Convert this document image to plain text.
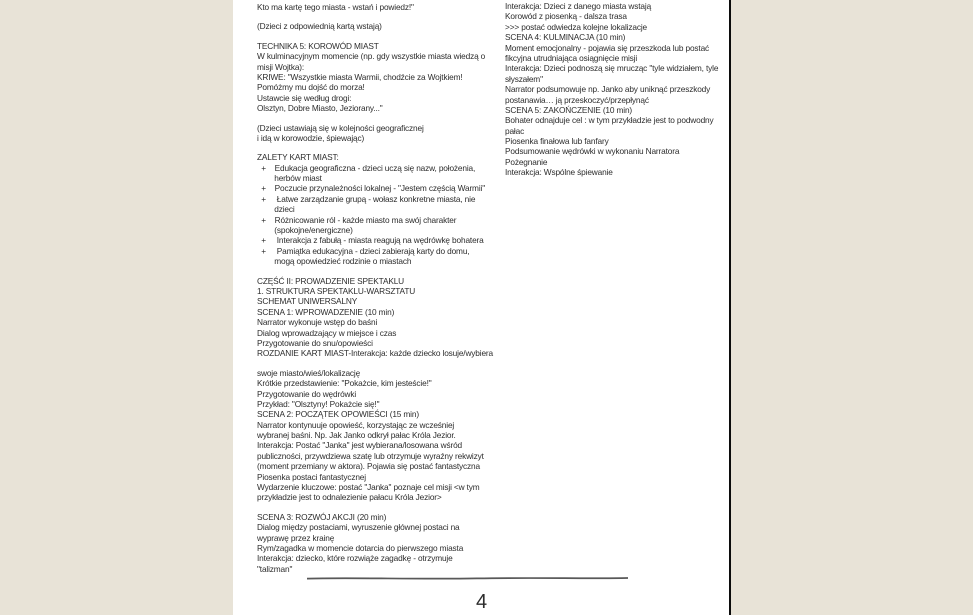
Kto ma kartę tego miasta - wstań i powiedz!"
(Dzieci z odpowiednią kartą wstają)
TECHNIKA 5: KOROWÓD MIAST
W kulminacyjnym momencie (np. gdy wszystkie miasta wiedzą o
misji Wojtka):
KRIWE: "Wszystkie miasta Warmii, chodźcie za Wojtkiem!
Pomóżmy mu dojść do morza!
Ustawcie się według drogi:
Olsztyn, Dobre Miasto, Jeziorany..."
(Dzieci ustawiają się w kolejności geograficznej
i idą w korowodzie, śpiewając)
ZALETY KART MIAST:
+    Edukacja geograficzna - dzieci uczą się nazw, położenia,
herbów miast
+    Poczucie przynależności lokalnej - "Jestem częścią Warmii"
+     Łatwe zarządzanie grupą - wołasz konkretne miasta, nie
dzieci
+    Różnicowanie ról - każde miasto ma swój charakter
(spokojne/energiczne)
+     Interakcja z fabułą - miasta reagują na wędrówkę bohatera
+     Pamiątka edukacyjna - dzieci zabierają karty do domu,
mogą opowiedzieć rodzinie o miastach
CZĘŚĆ II: PROWADZENIE SPEKTAKLU
1. STRUKTURA SPEKTAKLU-WARSZTATU
SCHEMAT UNIWERSALNY
SCENA 1: WPROWADZENIE (10 min)
Narrator wykonuje wstęp do baśni
Dialog wprowadzający w miejsce i czas
Przygotowanie do snu/opowieści
ROZDANIE KART MIAST-Interakcja: każde dziecko losuje/wybiera
swoje miasto/wieś/lokalizację
Krótkie przedstawienie: "Pokażcie, kim jesteście!"
Przygotowanie do wędrówki
Przykład: "Olsztyny! Pokażcie się!"
SCENA 2: POCZĄTEK OPOWIEŚCI (15 min)
Narrator kontynuuje opowieść, korzystając ze wcześniej
wybranej baśni. Np. Jak Janko odkrył pałac Króla Jezior.
Interakcja: Postać "Janka" jest wybierana/losowana wśród
publiczności, przywdziewa szatę lub otrzymuje wyraźny rekwizyt
(moment przemiany w aktora). Pojawia się postać fantastyczna
Piosenka postaci fantastycznej
Wydarzenie kluczowe: postać "Janka" poznaje cel misji <w tym
przykładzie jest to odnalezienie pałacu Króla Jezior>
SCENA 3: ROZWÓJ AKCJI (20 min)
Dialog między postaciami, wyruszenie głównej postaci na
wyprawę przez krainę
Rym/zagadka w momencie dotarcia do pierwszego miasta
Interakcja: dziecko, które rozwiąże zagadkę - otrzymuje
"talizman"
Interakcja: Dzieci z danego miasta wstają
Korowód z piosenką - dalsza trasa
>>> postać odwiedza kolejne lokalizacje
SCENA 4: KULMINACJA (10 min)
Moment emocjonalny - pojawia się przeszkoda lub postać
fikcyjna utrudniająca osiągnięcie misji
Interakcja: Dzieci podnoszą się mrucząc "tyle widziałem, tyle
słyszałem"
Narrator podsumowuje np. Janko aby uniknąć przeszkody
postanawia… ją przeskoczyć/przepłynąć
SCENA 5: ZAKOŃCZENIE (10 min)
Bohater odnajduje cel : w tym przykładzie jest to podwodny
pałac
Piosenka finałowa lub fanfary
Podsumowanie wędrówki w wykonaniu Narratora
Pożegnanie
Interakcja: Wspólne śpiewanie
4
